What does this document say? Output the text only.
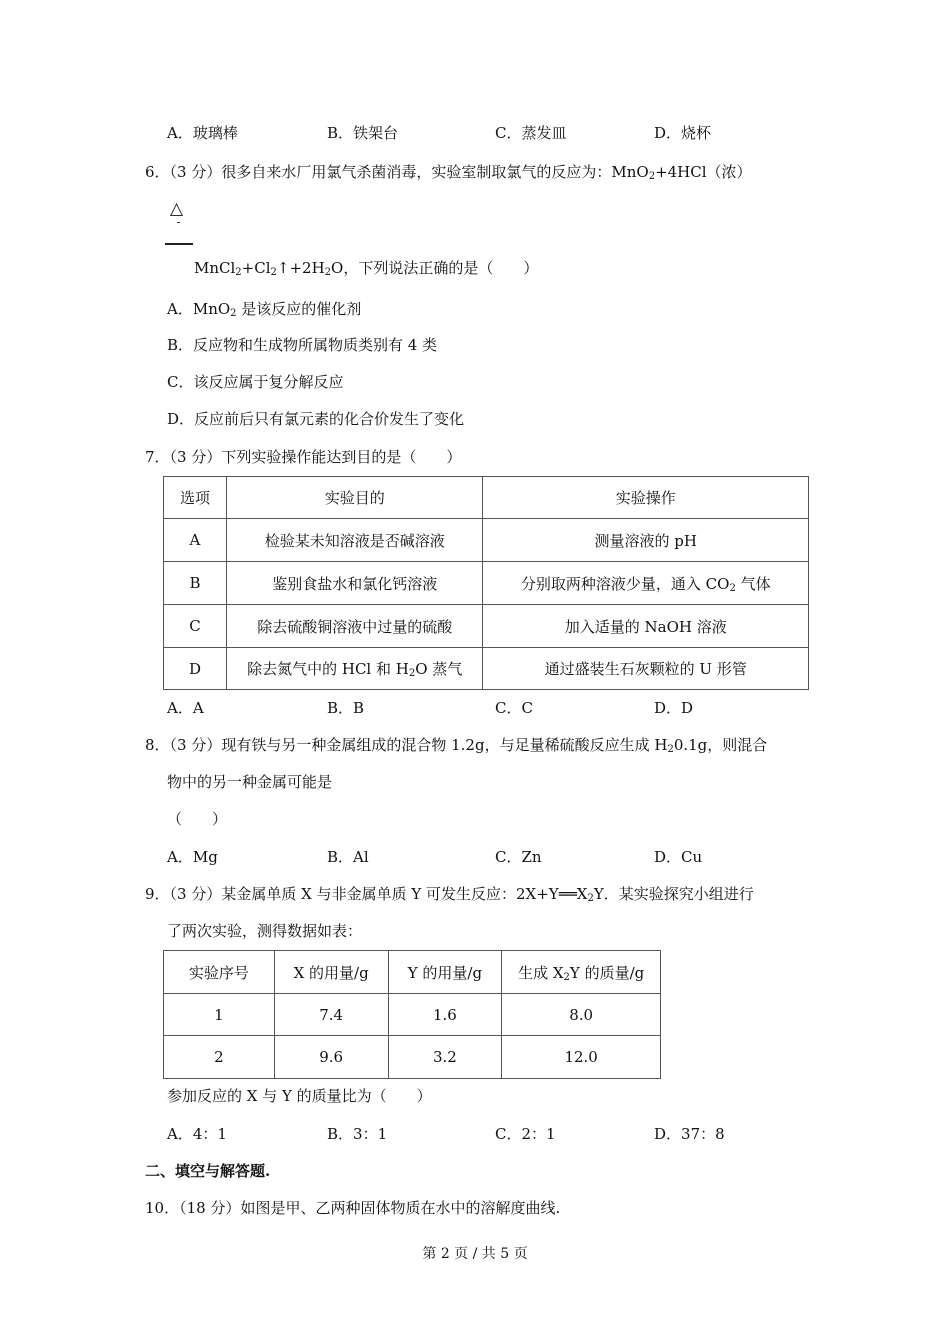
A．玻璃棒	B．铁架台	C．蒸发皿	D．烧杯
6．（3 分）很多自来水厂用氯气杀菌消毒，实验室制取氯气的反应为：MnO$_2$+4HCl（浓）
△
$MnCl_2+Cl_2↑+2H_2O$，下列说法正确的是（　　）
A．MnO$_2$ 是该反应的催化剂
B．反应物和生成物所属物质类别有 4 类
C．该反应属于复分解反应
D．反应前后只有氯元素的化合价发生了变化
7．（3 分）下列实验操作能达到目的是（　　）
选项	实验目的	实验操作
A	检验某未知溶液是否碱溶液	测量溶液的 pH
B	鉴别食盐水和氯化钙溶液	分别取两种溶液少量，通入 $CO_2$ 气体
C	除去硫酸铜溶液中过量的硫酸	加入适量的 NaOH 溶液
D	除去氮气中的 HCl 和 $H_2O$ 蒸气	通过盛装生石灰颗粒的 U 形管
A．A	B．B	C．C	D．D
8．（3 分）现有铁与另一种金属组成的混合物 1.2g，与足量稀硫酸反应生成 $H_20.1g$，则混合
物中的另一种金属可能是
（　　）
A．Mg	B．Al	C．Zn	D．Cu
9．（3 分）某金属单质 X 与非金属单质 Y 可发生反应：$2X+Y══X_2Y$．某实验探究小组进行
了两次实验，测得数据如表：
实验序号	X 的用量/g	Y 的用量/g	生成 $X_2Y$ 的质量/g
1	7.4	1.6	8.0
2	9.6	3.2	12.0
参加反应的 X 与 Y 的质量比为（　　）
A．4：1	B．3：1	C．2：1	D．37：8
二、填空与解答题.
10．（18 分）如图是甲、乙两种固体物质在水中的溶解度曲线.
第 2 页 / 共 5 页
